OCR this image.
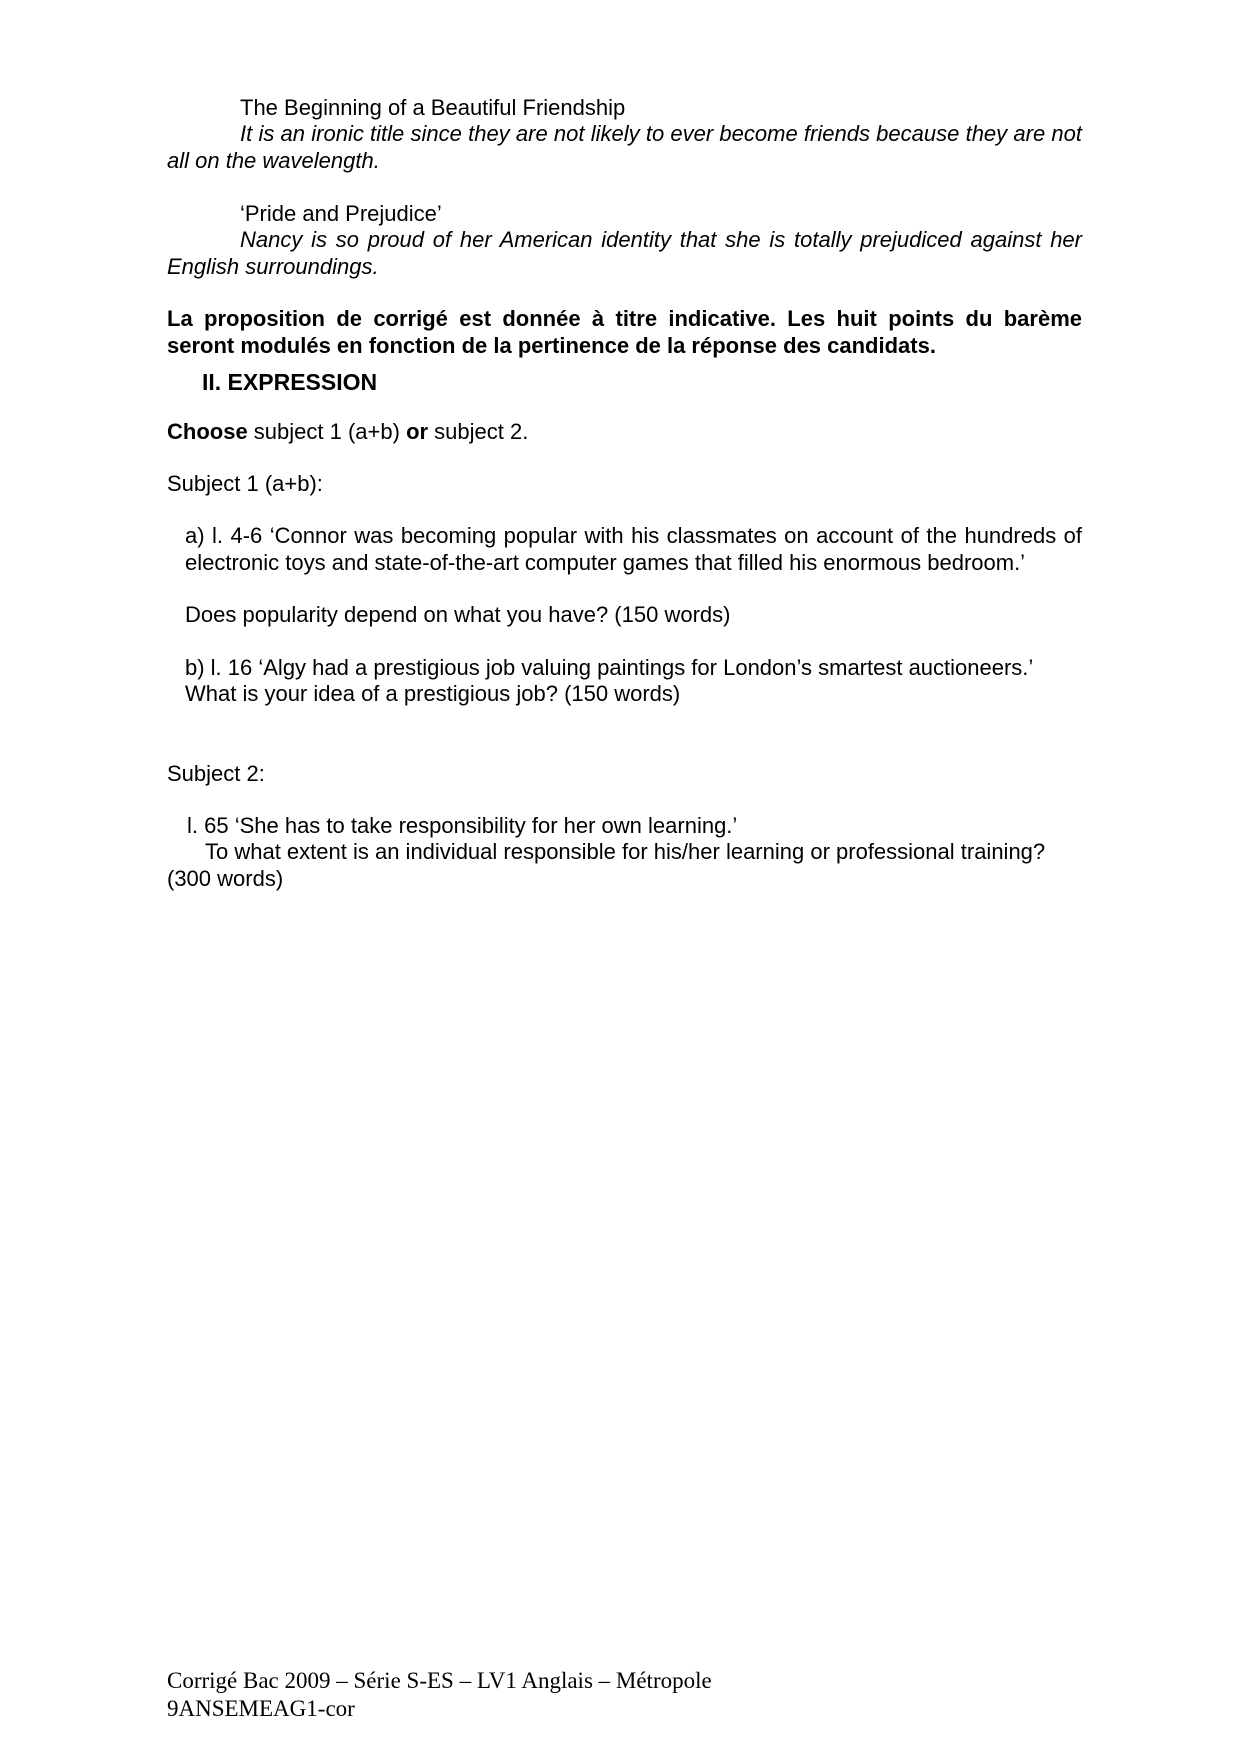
The Beginning of a Beautiful Friendship

It is an ironic title since they are not likely to ever become friends because they are not all on the wavelength.

‘Pride and Prejudice’

Nancy is so proud of her American identity that she is totally prejudiced against her English surroundings.

La proposition de corrigé est donnée à titre indicative. Les huit points du barème seront modulés en fonction de la pertinence de la réponse des candidats.

II. EXPRESSION

Choose subject 1 (a+b) or subject 2.

Subject 1 (a+b):

a) l. 4-6 ‘Connor was becoming popular with his classmates on account of the hundreds of electronic toys and state-of-the-art computer games that filled his enormous bedroom.’

Does popularity depend on what you have? (150 words)

b) l. 16 ‘Algy had a prestigious job valuing paintings for London’s smartest auctioneers.’

What is your idea of a prestigious job? (150 words)

Subject 2:

l. 65 ‘She has to take responsibility for her own learning.’

To what extent is an individual responsible for his/her learning or professional training? (300 words)

Corrigé Bac 2009 – Série S-ES – LV1 Anglais – Métropole
9ANSEMEAG1-cor
